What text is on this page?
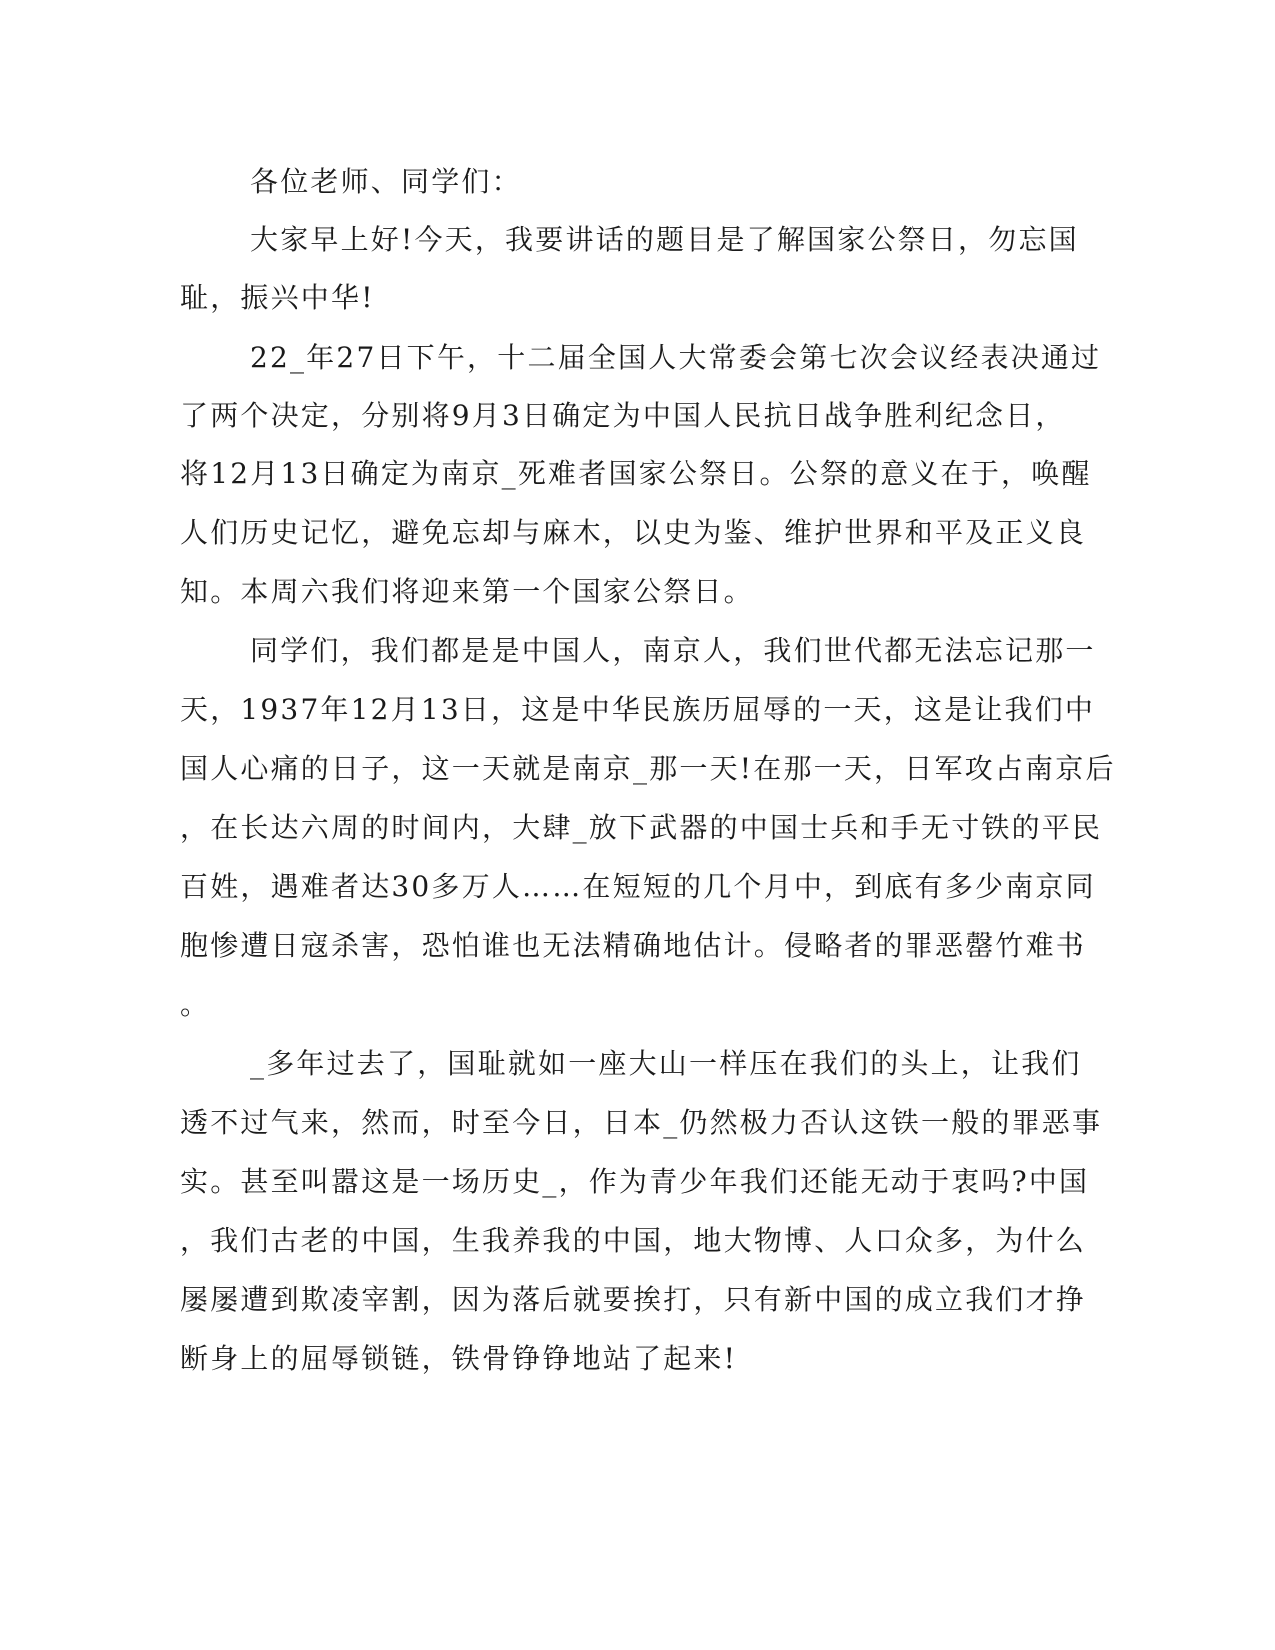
各位老师、同学们：

大家早上好!今天，我要讲话的题目是了解国家公祭日，勿忘国

耻，振兴中华!

22_年27日下午，十二届全国人大常委会第七次会议经表决通过

了两个决定，分别将9月3日确定为中国人民抗日战争胜利纪念日，

将12月13日确定为南京_死难者国家公祭日。公祭的意义在于，唤醒

人们历史记忆，避免忘却与麻木，以史为鉴、维护世界和平及正义良

知。本周六我们将迎来第一个国家公祭日。

同学们，我们都是是中国人，南京人，我们世代都无法忘记那一

天，1937年12月13日，这是中华民族历屈辱的一天，这是让我们中

国人心痛的日子，这一天就是南京_那一天!在那一天，日军攻占南京后

，在长达六周的时间内，大肆_放下武器的中国士兵和手无寸铁的平民

百姓，遇难者达30多万人……在短短的几个月中，到底有多少南京同

胞惨遭日寇杀害，恐怕谁也无法精确地估计。侵略者的罪恶罄竹难书

。

_多年过去了，国耻就如一座大山一样压在我们的头上，让我们

透不过气来，然而，时至今日，日本_仍然极力否认这铁一般的罪恶事

实。甚至叫嚣这是一场历史_，作为青少年我们还能无动于衷吗?中国

，我们古老的中国，生我养我的中国，地大物博、人口众多，为什么

屡屡遭到欺凌宰割，因为落后就要挨打，只有新中国的成立我们才挣

断身上的屈辱锁链，铁骨铮铮地站了起来!
